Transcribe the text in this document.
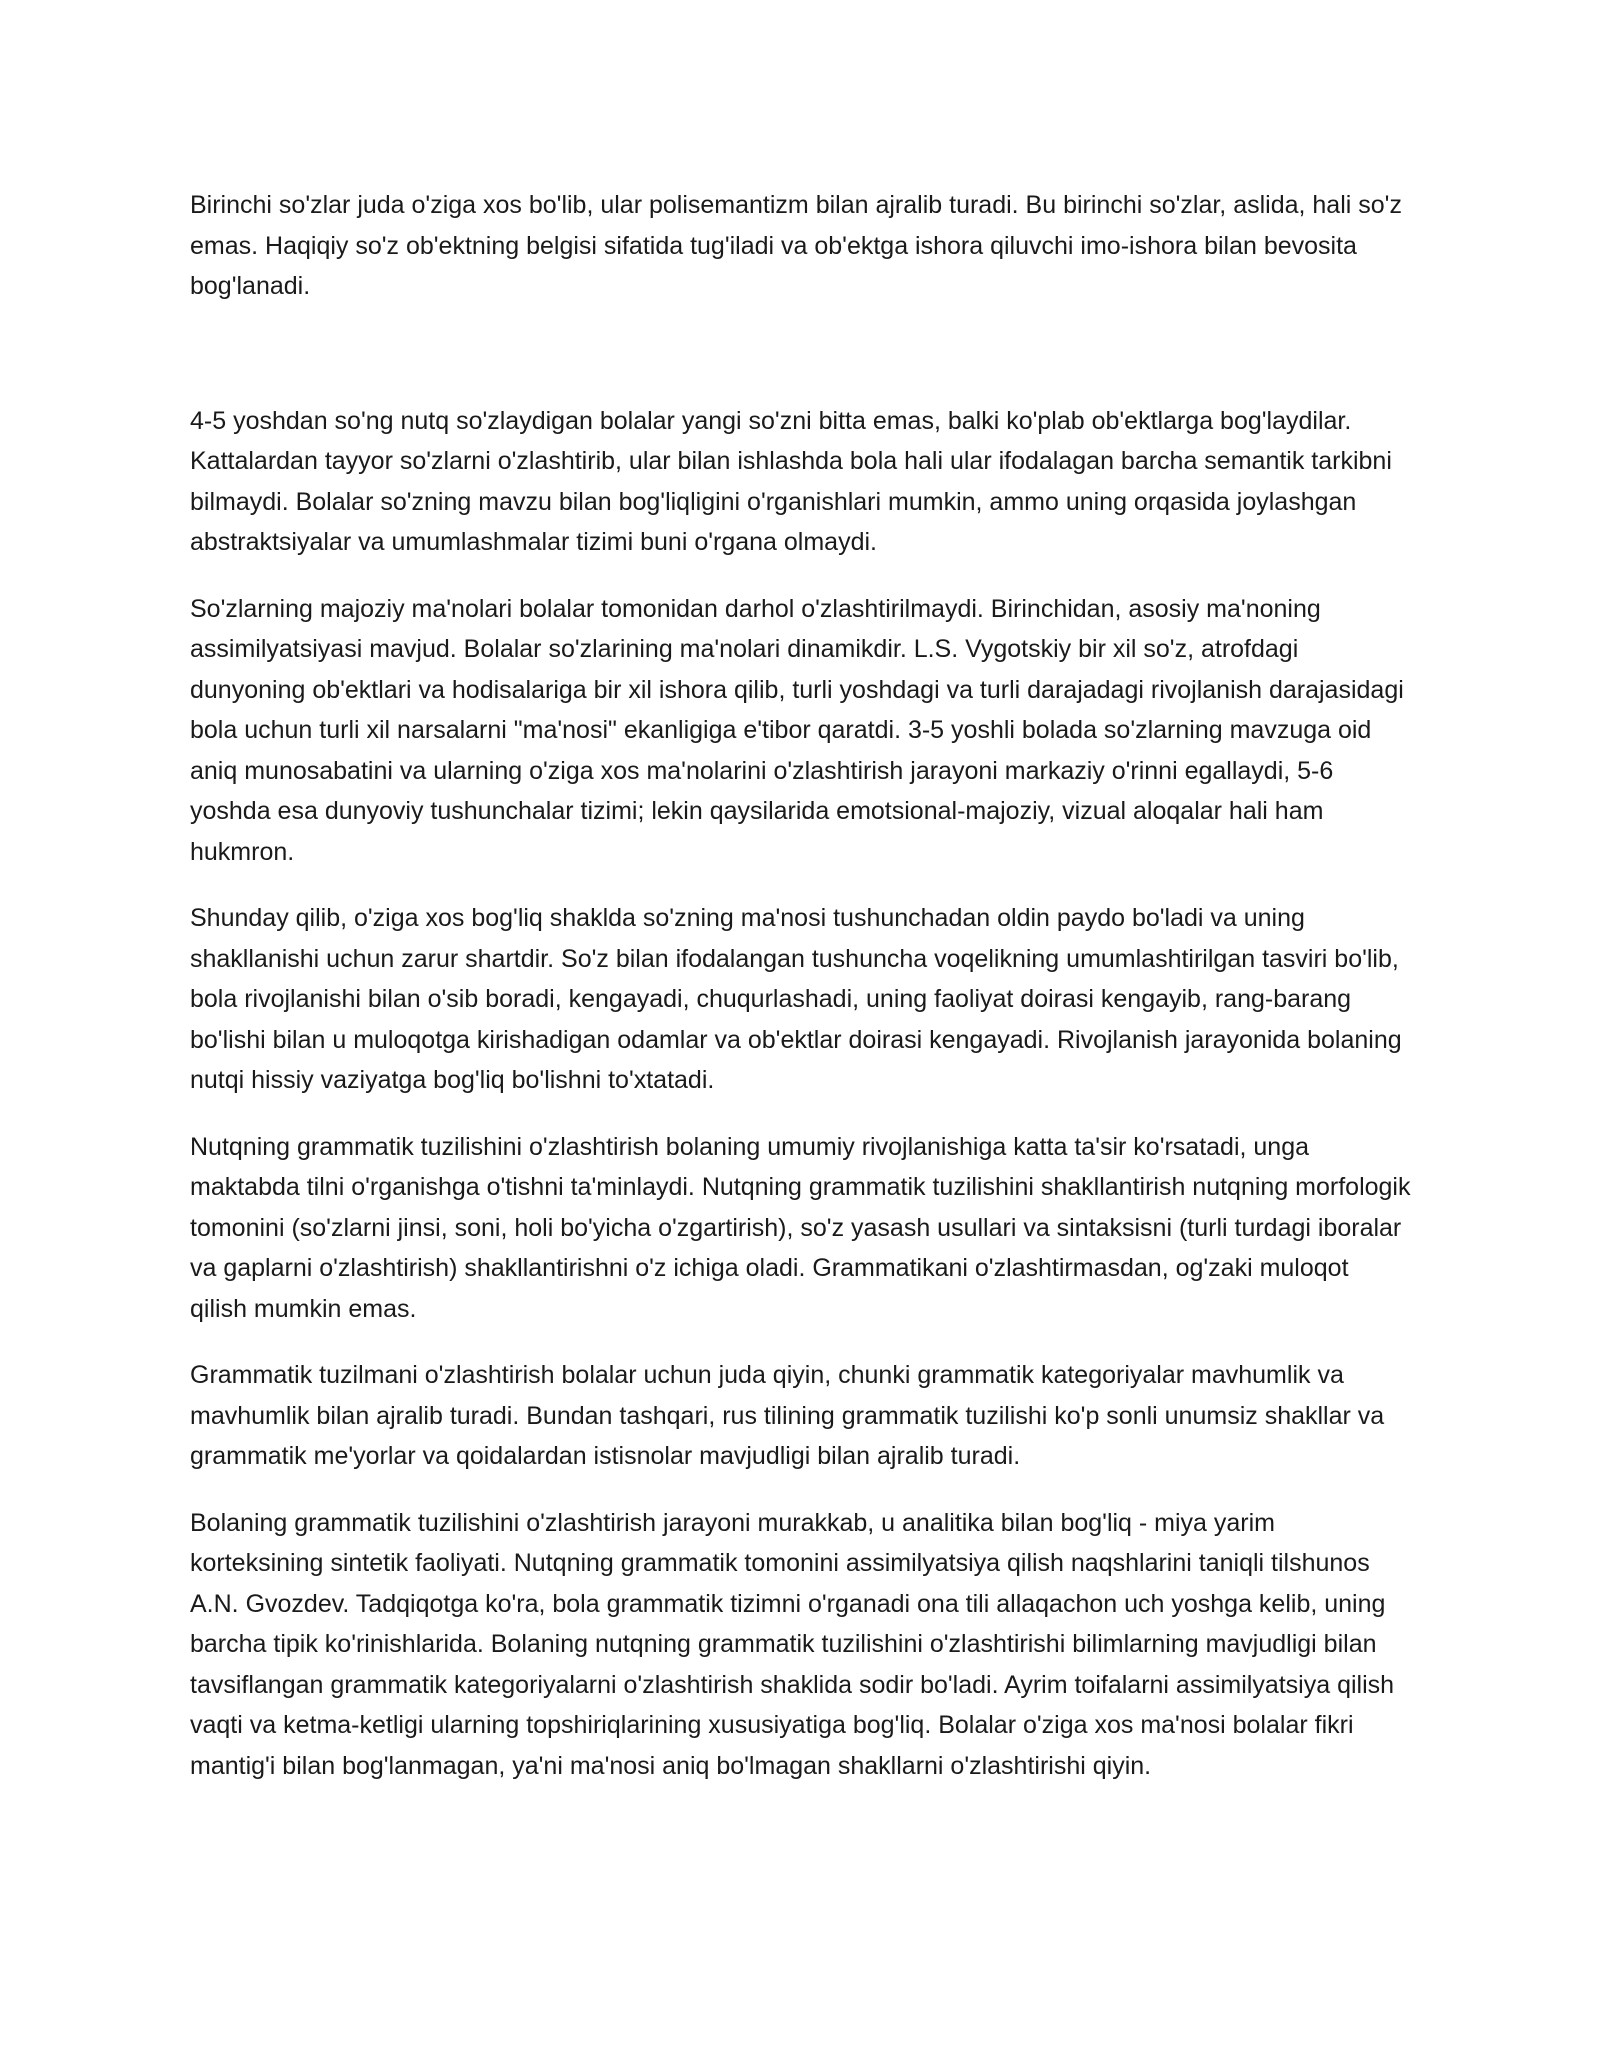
Birinchi so'zlar juda o'ziga xos bo'lib, ular polisemantizm bilan ajralib turadi. Bu birinchi so'zlar, aslida, hali so'z emas. Haqiqiy so'z ob'ektning belgisi sifatida tug'iladi va ob'ektga ishora qiluvchi imo-ishora bilan bevosita bog'lanadi.

4-5 yoshdan so'ng nutq so'zlaydigan bolalar yangi so'zni bitta emas, balki ko'plab ob'ektlarga bog'laydilar. Kattalardan tayyor so'zlarni o'zlashtirib, ular bilan ishlashda bola hali ular ifodalagan barcha semantik tarkibni bilmaydi. Bolalar so'zning mavzu bilan bog'liqligini o'rganishlari mumkin, ammo uning orqasida joylashgan abstraktsiyalar va umumlashmalar tizimi buni o'rgana olmaydi.

So'zlarning majoziy ma'nolari bolalar tomonidan darhol o'zlashtirilmaydi. Birinchidan, asosiy ma'noning assimilyatsiyasi mavjud. Bolalar so'zlarining ma'nolari dinamikdir. L.S. Vygotskiy bir xil so'z, atrofdagi dunyoning ob'ektlari va hodisalariga bir xil ishora qilib, turli yoshdagi va turli darajadagi rivojlanish darajasidagi bola uchun turli xil narsalarni "ma'nosi" ekanligiga e'tibor qaratdi. 3-5 yoshli bolada so'zlarning mavzuga oid aniq munosabatini va ularning o'ziga xos ma'nolarini o'zlashtirish jarayoni markaziy o'rinni egallaydi, 5-6 yoshda esa dunyoviy tushunchalar tizimi; lekin qaysilarida emotsional-majoziy, vizual aloqalar hali ham hukmron.

Shunday qilib, o'ziga xos bog'liq shaklda so'zning ma'nosi tushunchadan oldin paydo bo'ladi va uning shakllanishi uchun zarur shartdir. So'z bilan ifodalangan tushuncha voqelikning umumlashtirilgan tasviri bo'lib, bola rivojlanishi bilan o'sib boradi, kengayadi, chuqurlashadi, uning faoliyat doirasi kengayib, rang-barang bo'lishi bilan u muloqotga kirishadigan odamlar va ob'ektlar doirasi kengayadi. Rivojlanish jarayonida bolaning nutqi hissiy vaziyatga bog'liq bo'lishni to'xtatadi.

Nutqning grammatik tuzilishini o'zlashtirish bolaning umumiy rivojlanishiga katta ta'sir ko'rsatadi, unga maktabda tilni o'rganishga o'tishni ta'minlaydi. Nutqning grammatik tuzilishini shakllantirish nutqning morfologik tomonini (so'zlarni jinsi, soni, holi bo'yicha o'zgartirish), so'z yasash usullari va sintaksisni (turli turdagi iboralar va gaplarni o'zlashtirish) shakllantirishni o'z ichiga oladi. Grammatikani o'zlashtirmasdan, og'zaki muloqot qilish mumkin emas.

Grammatik tuzilmani o'zlashtirish bolalar uchun juda qiyin, chunki grammatik kategoriyalar mavhumlik va mavhumlik bilan ajralib turadi. Bundan tashqari, rus tilining grammatik tuzilishi ko'p sonli unumsiz shakllar va grammatik me'yorlar va qoidalardan istisnolar mavjudligi bilan ajralib turadi.

Bolaning grammatik tuzilishini o'zlashtirish jarayoni murakkab, u analitika bilan bog'liq - miya yarim korteksining sintetik faoliyati. Nutqning grammatik tomonini assimilyatsiya qilish naqshlarini taniqli tilshunos A.N. Gvozdev. Tadqiqotga ko'ra, bola grammatik tizimni o'rganadi ona tili allaqachon uch yoshga kelib, uning barcha tipik ko'rinishlarida. Bolaning nutqning grammatik tuzilishini o'zlashtirishi bilimlarning mavjudligi bilan tavsiflangan grammatik kategoriyalarni o'zlashtirish shaklida sodir bo'ladi. Ayrim toifalarni assimilyatsiya qilish vaqti va ketma-ketligi ularning topshiriqlarining xususiyatiga bog'liq. Bolalar o'ziga xos ma'nosi bolalar fikri mantig'i bilan bog'lanmagan, ya'ni ma'nosi aniq bo'lmagan shakllarni o'zlashtirishi qiyin.
